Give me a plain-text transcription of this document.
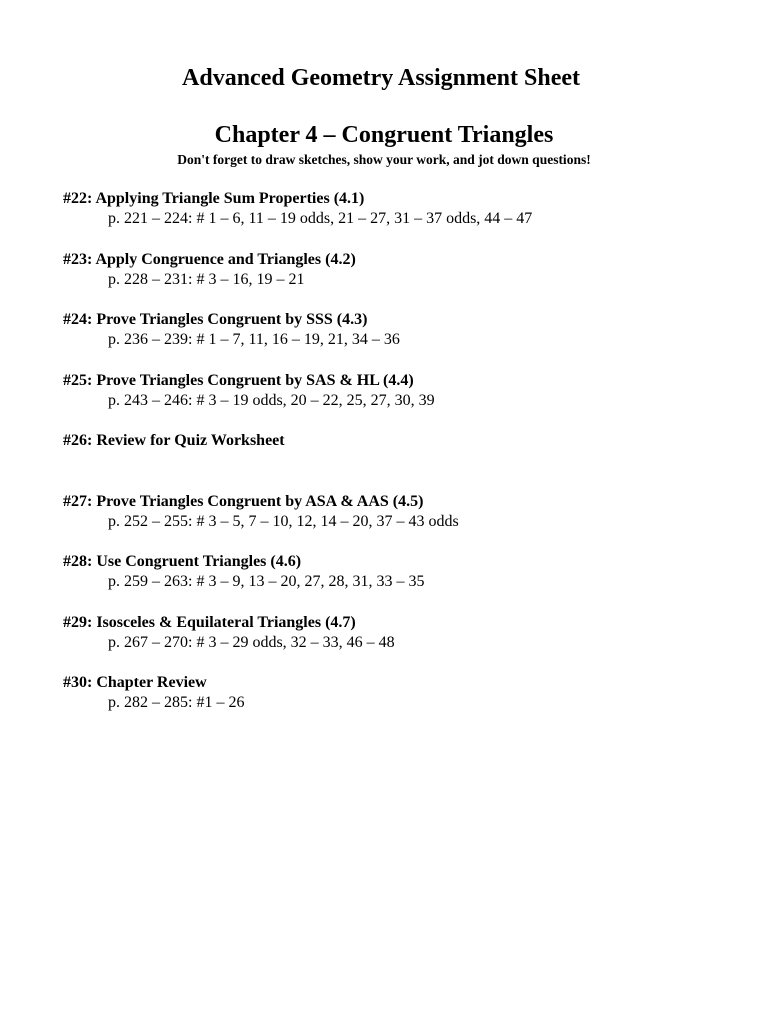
Advanced Geometry Assignment Sheet
Chapter 4 – Congruent Triangles

Don't forget to draw sketches, show your work, and jot down questions!

#22: Applying Triangle Sum Properties (4.1)
p. 221 – 224: # 1 – 6, 11 – 19 odds, 21 – 27, 31 – 37 odds, 44 – 47
#23: Apply Congruence and Triangles (4.2)
p. 228 – 231: # 3 – 16, 19 – 21
#24: Prove Triangles Congruent by SSS (4.3)
p. 236 – 239: # 1 – 7, 11, 16 – 19, 21, 34 – 36
#25: Prove Triangles Congruent by SAS & HL (4.4)
p. 243 – 246: # 3 – 19 odds, 20 – 22, 25, 27, 30, 39
#26: Review for Quiz Worksheet
#27: Prove Triangles Congruent by ASA & AAS (4.5)
p. 252 – 255: # 3 – 5, 7 – 10, 12, 14 – 20, 37 – 43 odds
#28: Use Congruent Triangles (4.6)
p. 259 – 263: # 3 – 9, 13 – 20, 27, 28, 31, 33 – 35
#29: Isosceles & Equilateral Triangles (4.7)
p. 267 – 270: # 3 – 29 odds, 32 – 33, 46 – 48
#30: Chapter Review
p. 282 – 285: #1 – 26
